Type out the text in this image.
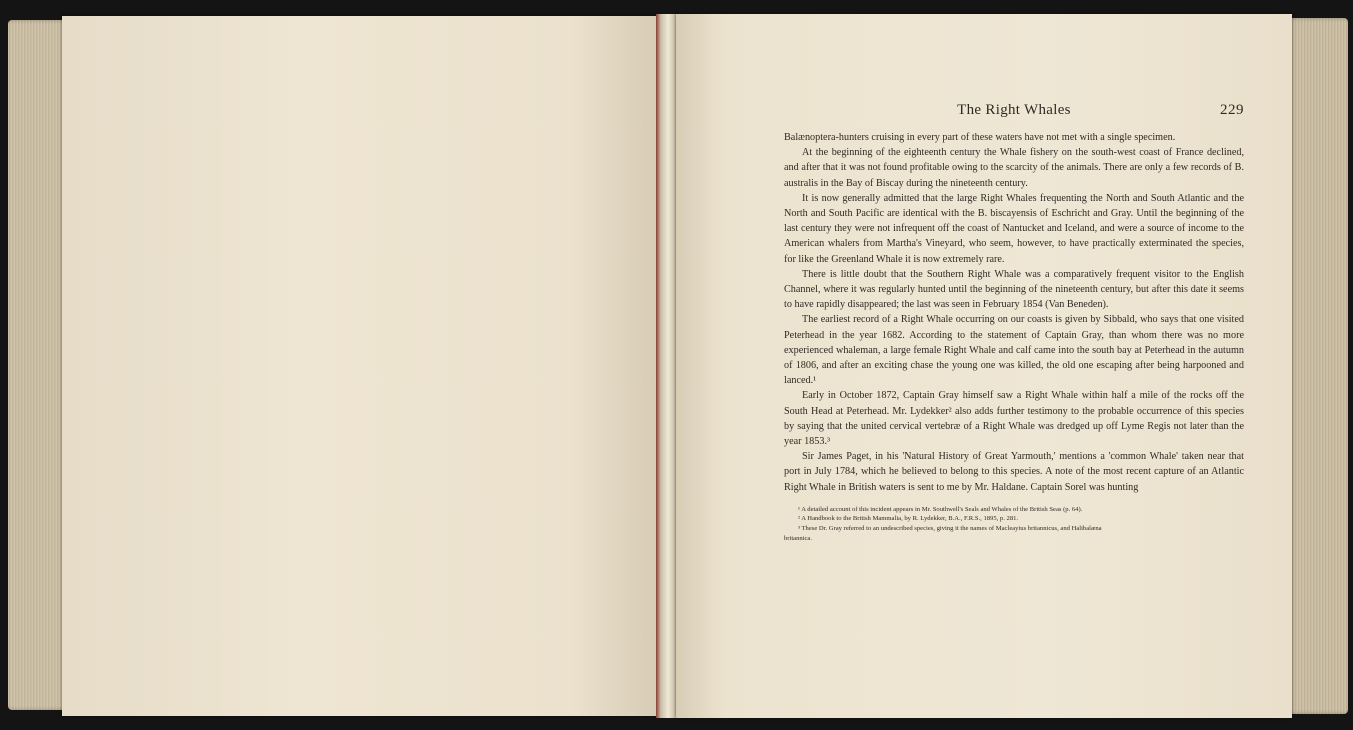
The Right Whales	229

Balænoptera-hunters cruising in every part of these waters have not met with a single specimen.

At the beginning of the eighteenth century the Whale fishery on the south-west coast of France declined, and after that it was not found profitable owing to the scarcity of the animals. There are only a few records of B. australis in the Bay of Biscay during the nineteenth century.

It is now generally admitted that the large Right Whales frequenting the North and South Atlantic and the North and South Pacific are identical with the B. biscayensis of Eschricht and Gray. Until the beginning of the last century they were not infrequent off the coast of Nantucket and Iceland, and were a source of income to the American whalers from Martha's Vineyard, who seem, however, to have practically exterminated the species, for like the Greenland Whale it is now extremely rare.

There is little doubt that the Southern Right Whale was a comparatively frequent visitor to the English Channel, where it was regularly hunted until the beginning of the nineteenth century, but after this date it seems to have rapidly disappeared; the last was seen in February 1854 (Van Beneden).

The earliest record of a Right Whale occurring on our coasts is given by Sibbald, who says that one visited Peterhead in the year 1682. According to the statement of Captain Gray, than whom there was no more experienced whaleman, a large female Right Whale and calf came into the south bay at Peterhead in the autumn of 1806, and after an exciting chase the young one was killed, the old one escaping after being harpooned and lanced.¹

Early in October 1872, Captain Gray himself saw a Right Whale within half a mile of the rocks off the South Head at Peterhead. Mr. Lydekker² also adds further testimony to the probable occurrence of this species by saying that the united cervical vertebræ of a Right Whale was dredged up off Lyme Regis not later than the year 1853.³

Sir James Paget, in his 'Natural History of Great Yarmouth,' mentions a 'common Whale' taken near that port in July 1784, which he believed to belong to this species. A note of the most recent capture of an Atlantic Right Whale in British waters is sent to me by Mr. Haldane. Captain Sorel was hunting

¹ A detailed account of this incident appears in Mr. Southwell's Seals and Whales of the British Seas (p. 64).

² A Handbook to the British Mammalia, by R. Lydekker, B.A., F.R.S., 1895, p. 281.

³ These Dr. Gray referred to an undescribed species, giving it the names of Macleayius britannicus, and Halibalæna

britannica.
